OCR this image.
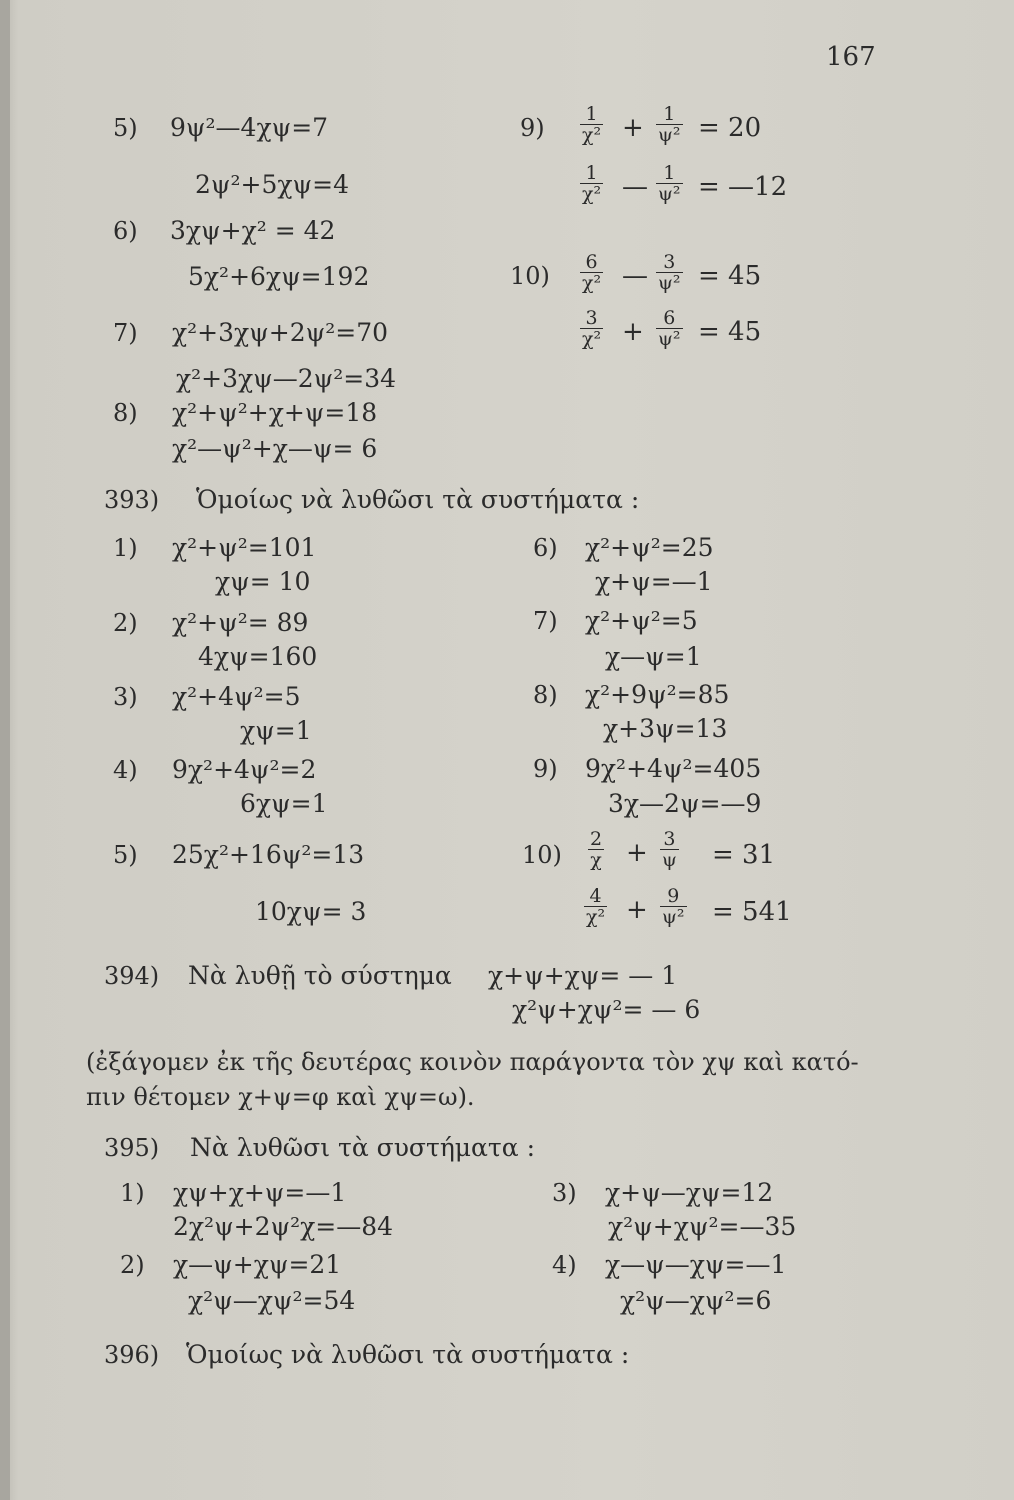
167
5) 9ψ²—4χψ=7
2ψ²+5χψ=4
6) 3χψ+χ² = 42
5χ²+6χψ=192
7) χ²+3χψ+2ψ²=70
χ²+3χψ—2ψ²=34
8) χ²+ψ²+χ+ψ=18
χ²—ψ²+χ—ψ= 6
$9) \frac{1}{\text{χ²}} + \frac{1}{\text{ψ²}} = 20$
$\frac{1}{\text{χ²}}$ — $\frac{1}{\text{ψ²}}$ = —12
$10) \frac{6}{\text{χ²}}$ — $\frac{3}{\text{ψ²}} = 45$
$\frac{3}{\text{χ²}} + \frac{6}{\text{ψ²}} = 45$
393) Ὁμοίως νὰ λυθῶσι τὰ συστήματα :
1) χ²+ψ²=101
χψ= 10
2) χ²+ψ²= 89
4χψ=160
3) χ²+4ψ²=5
χψ=1
4) 9χ²+4ψ²=2
6χψ=1
5) 25χ²+16ψ²=13
10χψ= 3
6) χ²+ψ²=25
χ+ψ=—1
7) χ²+ψ²=5
χ—ψ=1
8) χ²+9ψ²=85
χ+3ψ=13
9) 9χ²+4ψ²=405
3χ—2ψ=—9
$10) \frac{2}{\chi} + \frac{3}{\psi} = 31$
$\frac{4}{\text{χ²}} + \frac{9}{\text{ψ²}} = 541$
394) Νὰ λυθῇ τὸ σύστημα χ+ψ+χψ= — 1
χ²ψ+χψ²= — 6
(ἐξάγομεν ἐκ τῆς δευτέρας κοινὸν παράγοντα τὸν χψ καὶ κατό-
πιν θέτομεν χ+ψ=φ καὶ χψ=ω).
395) Νὰ λυθῶσι τὰ συστήματα :
1) χψ+χ+ψ=—1
2χ²ψ+2ψ²χ=—84
2) χ—ψ+χψ=21
χ²ψ—χψ²=54
3) χ+ψ—χψ=12
χ²ψ+χψ²=—35
4) χ—ψ—χψ=—1
χ²ψ—χψ²=6
396) Ὁμοίως νὰ λυθῶσι τὰ συστήματα :
